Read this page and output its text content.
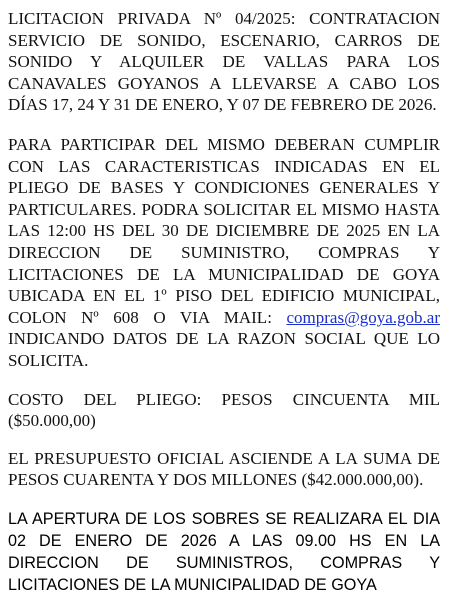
LICITACION PRIVADA Nº 04/2025: CONTRATACION SERVICIO DE SONIDO, ESCENARIO, CARROS DE SONIDO Y ALQUILER DE VALLAS PARA LOS CANAVALES GOYANOS A LLEVARSE A CABO LOS DÍAS 17, 24 Y 31 DE ENERO, Y 07 DE FEBRERO DE 2026.

PARA PARTICIPAR DEL MISMO DEBERAN CUMPLIR CON LAS CARACTERISTICAS INDICADAS EN EL PLIEGO DE BASES Y CONDICIONES GENERALES Y PARTICULARES. PODRA SOLICITAR EL MISMO HASTA LAS 12:00 HS DEL 30 DE DICIEMBRE DE 2025 EN LA DIRECCION DE SUMINISTRO, COMPRAS Y LICITACIONES DE LA MUNICIPALIDAD DE GOYA UBICADA EN EL 1º PISO DEL EDIFICIO MUNICIPAL, COLON Nº 608 O VIA MAIL: compras@goya.gob.ar INDICANDO DATOS DE LA RAZON SOCIAL QUE LO SOLICITA.

COSTO DEL PLIEGO: PESOS CINCUENTA MIL ($50.000,00)

EL PRESUPUESTO OFICIAL ASCIENDE A LA SUMA DE PESOS CUARENTA Y DOS MILLONES ($42.000.000,00).

LA APERTURA DE LOS SOBRES SE REALIZARA EL DIA 02 DE ENERO DE 2026 A LAS 09.00 HS EN LA DIRECCION DE SUMINISTROS, COMPRAS Y LICITACIONES DE LA MUNICIPALIDAD DE GOYA
